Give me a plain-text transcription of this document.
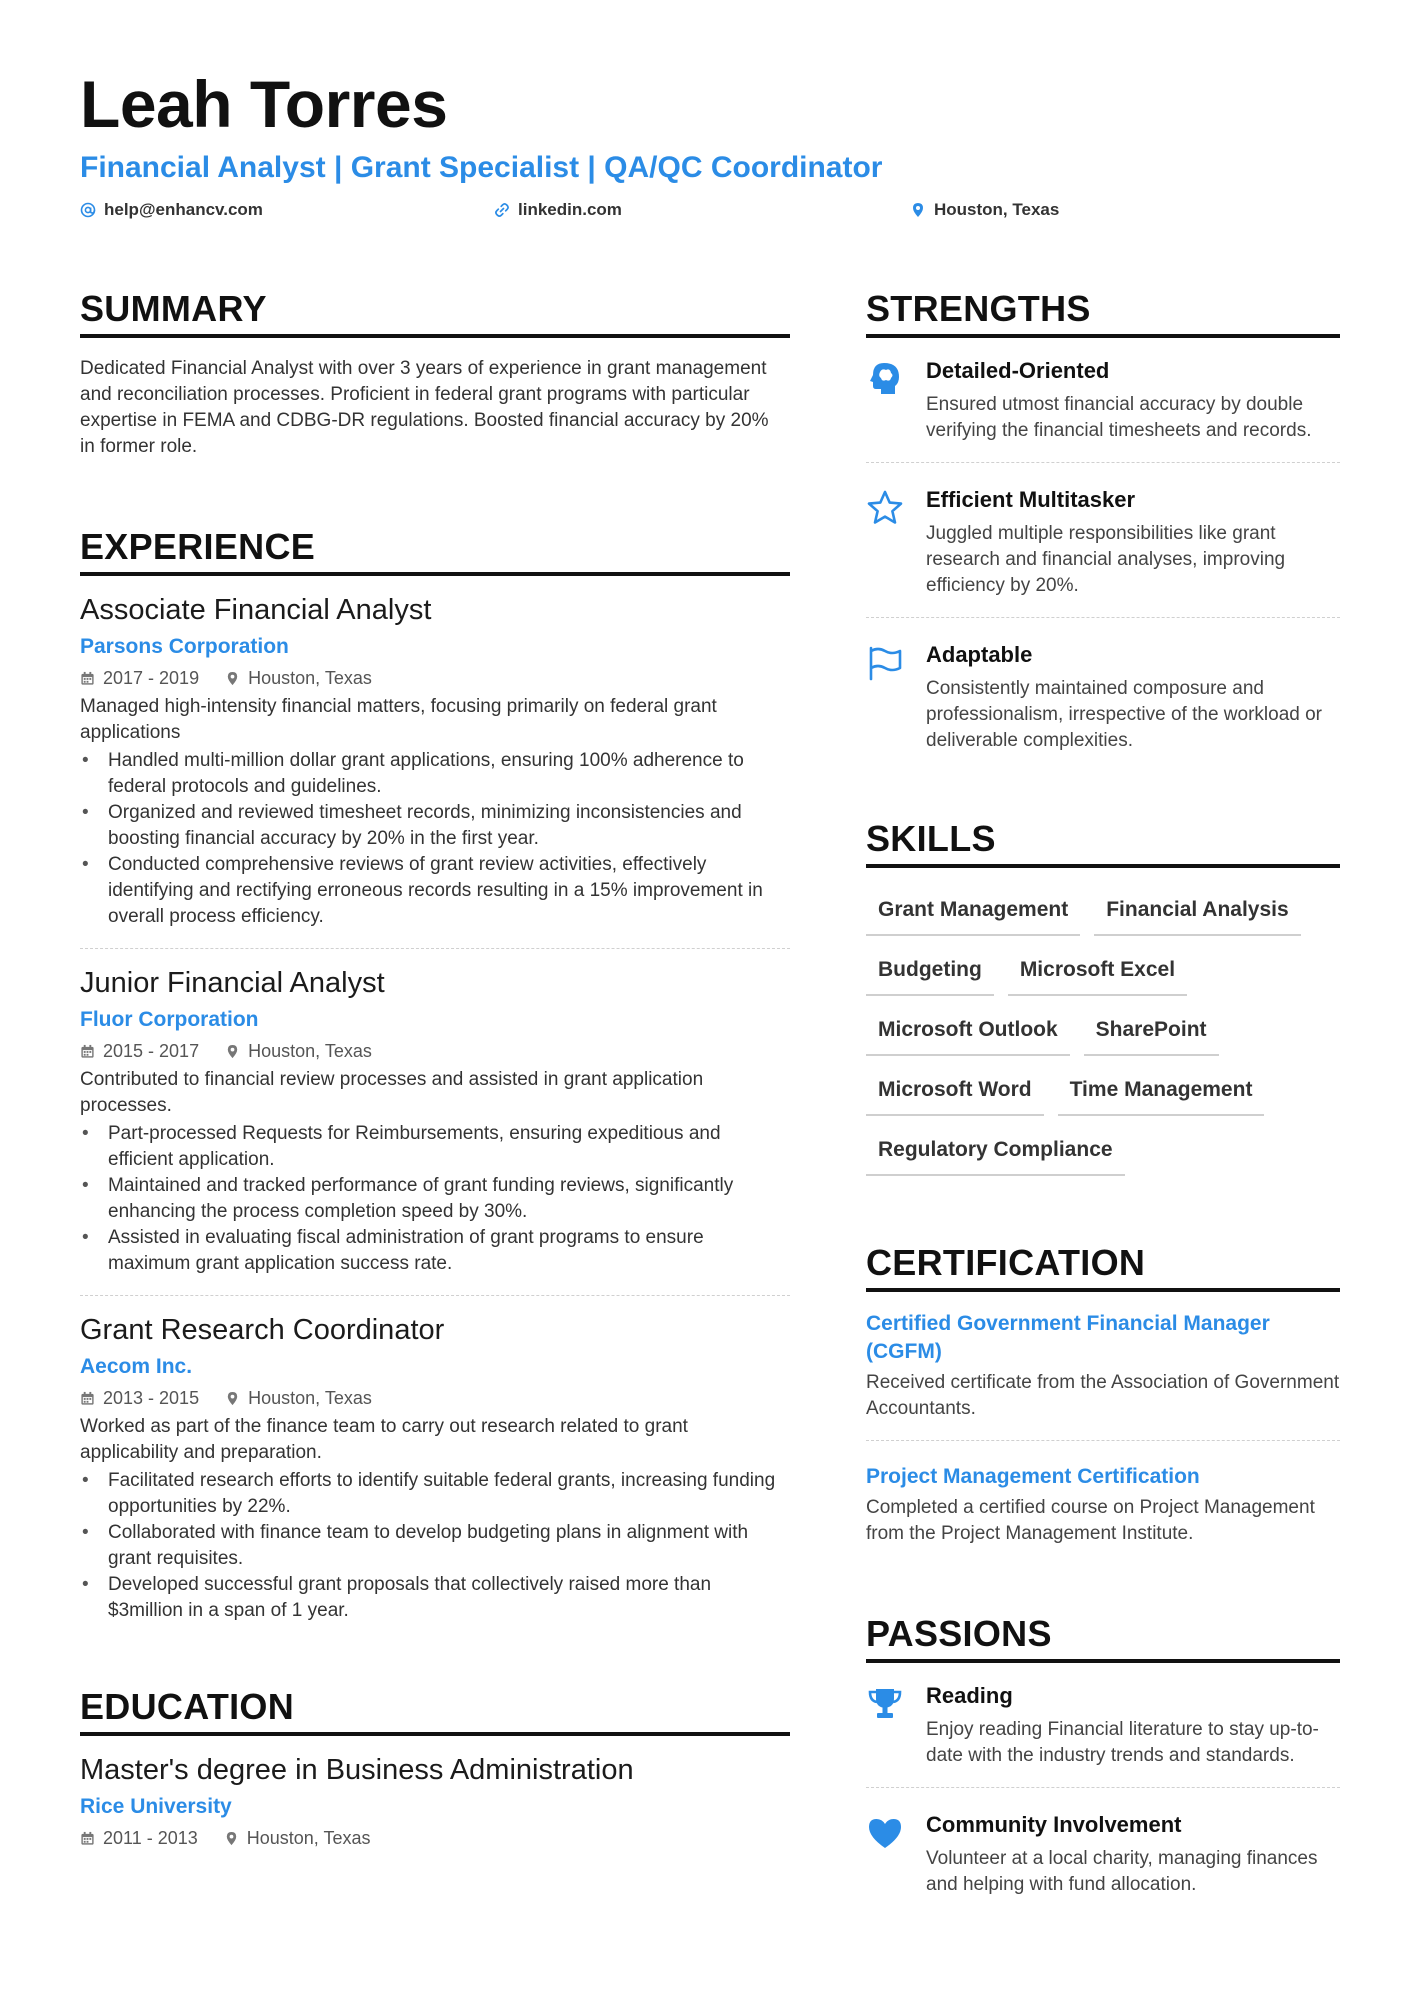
Leah Torres
Financial Analyst | Grant Specialist | QA/QC Coordinator
help@enhancv.com	linkedin.com	Houston, Texas
SUMMARY
Dedicated Financial Analyst with over 3 years of experience in grant management and reconciliation processes. Proficient in federal grant programs with particular expertise in FEMA and CDBG-DR regulations. Boosted financial accuracy by 20% in former role.
EXPERIENCE
Associate Financial Analyst
Parsons Corporation
2017 - 2019	Houston, Texas
Managed high-intensity financial matters, focusing primarily on federal grant applications
• Handled multi-million dollar grant applications, ensuring 100% adherence to federal protocols and guidelines.
• Organized and reviewed timesheet records, minimizing inconsistencies and boosting financial accuracy by 20% in the first year.
• Conducted comprehensive reviews of grant review activities, effectively identifying and rectifying erroneous records resulting in a 15% improvement in overall process efficiency.
Junior Financial Analyst
Fluor Corporation
2015 - 2017	Houston, Texas
Contributed to financial review processes and assisted in grant application processes.
• Part-processed Requests for Reimbursements, ensuring expeditious and efficient application.
• Maintained and tracked performance of grant funding reviews, significantly enhancing the process completion speed by 30%.
• Assisted in evaluating fiscal administration of grant programs to ensure maximum grant application success rate.
Grant Research Coordinator
Aecom Inc.
2013 - 2015	Houston, Texas
Worked as part of the finance team to carry out research related to grant applicability and preparation.
• Facilitated research efforts to identify suitable federal grants, increasing funding opportunities by 22%.
• Collaborated with finance team to develop budgeting plans in alignment with grant requisites.
• Developed successful grant proposals that collectively raised more than $3million in a span of 1 year.
EDUCATION
Master's degree in Business Administration
Rice University
2011 - 2013	Houston, Texas
STRENGTHS
Detailed-Oriented
Ensured utmost financial accuracy by double verifying the financial timesheets and records.
Efficient Multitasker
Juggled multiple responsibilities like grant research and financial analyses, improving efficiency by 20%.
Adaptable
Consistently maintained composure and professionalism, irrespective of the workload or deliverable complexities.
SKILLS
Grant Management	Financial Analysis
Budgeting	Microsoft Excel
Microsoft Outlook	SharePoint
Microsoft Word	Time Management
Regulatory Compliance
CERTIFICATION
Certified Government Financial Manager (CGFM)
Received certificate from the Association of Government Accountants.
Project Management Certification
Completed a certified course on Project Management from the Project Management Institute.
PASSIONS
Reading
Enjoy reading Financial literature to stay up-to-date with the industry trends and standards.
Community Involvement
Volunteer at a local charity, managing finances and helping with fund allocation.
